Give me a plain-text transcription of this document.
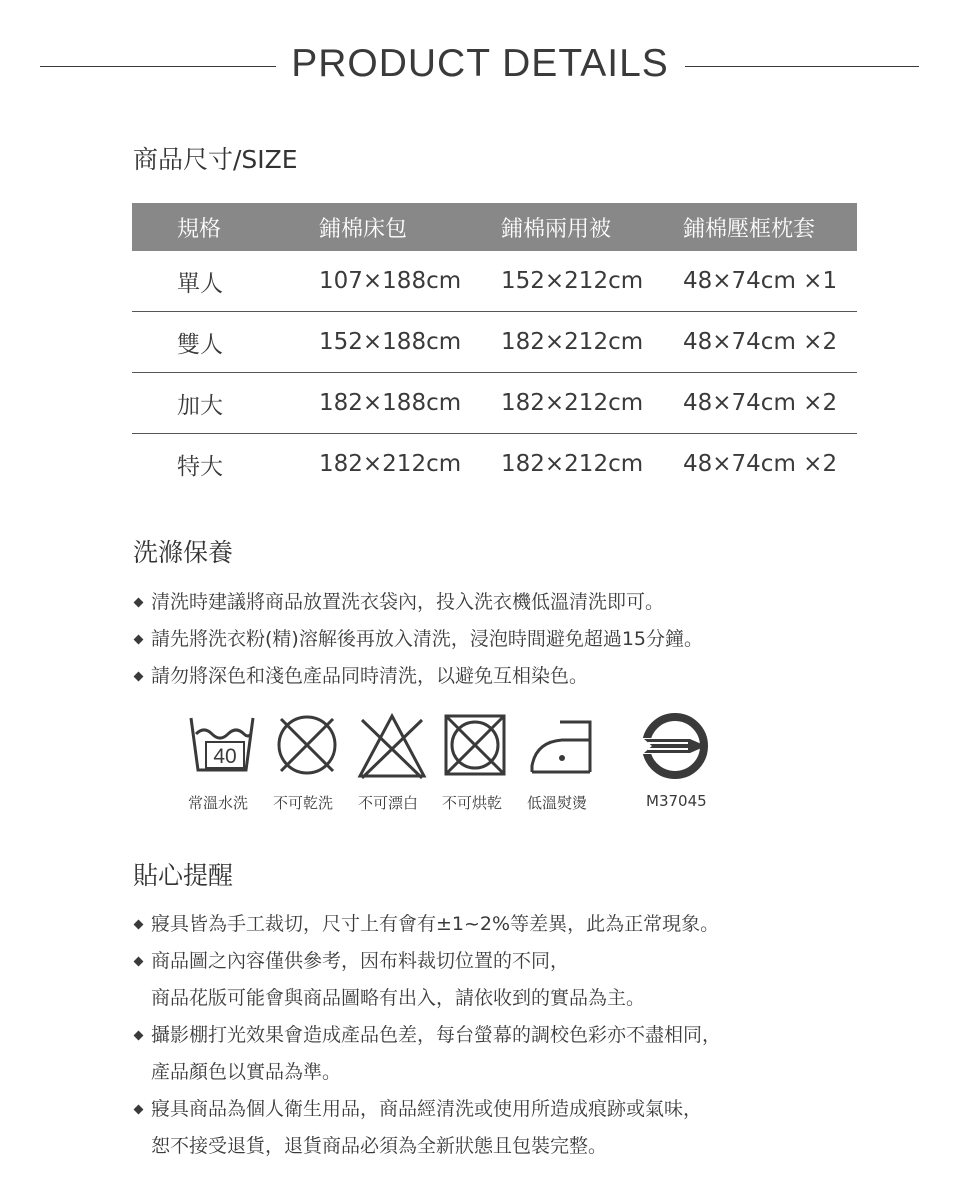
PRODUCT DETAILS
商品尺寸/SIZE
規格	鋪棉床包	鋪棉兩用被	鋪棉壓框枕套
單人	107×188cm	152×212cm	48×74cm ×1
雙人	152×188cm	182×212cm	48×74cm ×2
加大	182×188cm	182×212cm	48×74cm ×2
特大	182×212cm	182×212cm	48×74cm ×2
洗滌保養
清洗時建議將商品放置洗衣袋內，投入洗衣機低溫清洗即可。
請先將洗衣粉(精)溶解後再放入清洗，浸泡時間避免超過15分鐘。
請勿將深色和淺色產品同時清洗，以避免互相染色。
40
常溫水洗 不可乾洗 不可漂白 不可烘乾 低溫熨燙	M37045
貼心提醒
寢具皆為手工裁切，尺寸上有會有±1~2%等差異，此為正常現象。
商品圖之內容僅供參考，因布料裁切位置的不同，
商品花版可能會與商品圖略有出入，請依收到的實品為主。
攝影棚打光效果會造成產品色差，每台螢幕的調校色彩亦不盡相同，
產品顏色以實品為準。
寢具商品為個人衛生用品，商品經清洗或使用所造成痕跡或氣味，
恕不接受退貨，退貨商品必須為全新狀態且包裝完整。
